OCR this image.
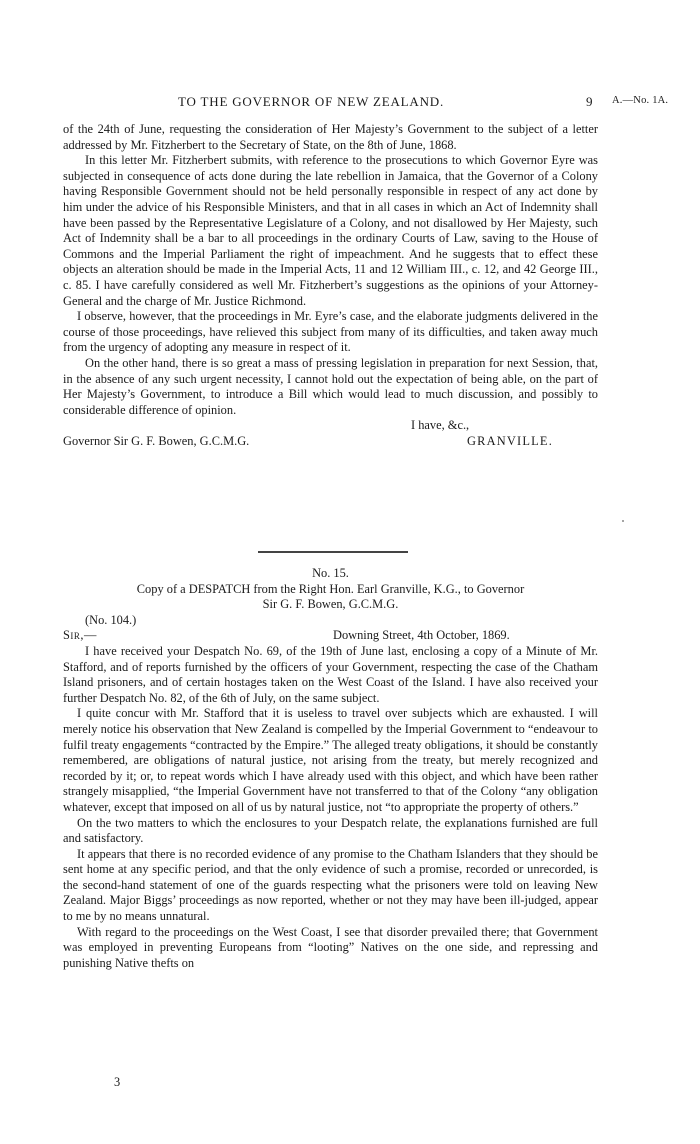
TO THE GOVERNOR OF NEW ZEALAND.	9 A.—No. 1A.

of the 24th of June, requesting the consideration of Her Majesty’s Government to the subject of a letter addressed by Mr. Fitzherbert to the Secretary of State, on the 8th of June, 1868.

In this letter Mr. Fitzherbert submits, with reference to the prosecutions to which Governor Eyre was subjected in consequence of acts done during the late rebellion in Jamaica, that the Governor of a Colony having Responsible Government should not be held personally responsible in respect of any act done by him under the advice of his Responsible Ministers, and that in all cases in which an Act of Indemnity shall have been passed by the Representative Legislature of a Colony, and not disallowed by Her Majesty, such Act of Indemnity shall be a bar to all proceedings in the ordinary Courts of Law, saving to the House of Commons and the Imperial Parliament the right of impeachment. And he suggests that to effect these objects an alteration should be made in the Imperial Acts, 11 and 12 William III., c. 12, and 42 George III., c. 85. I have carefully considered as well Mr. Fitzherbert’s suggestions as the opinions of your Attorney-General and the charge of Mr. Justice Richmond.

I observe, however, that the proceedings in Mr. Eyre’s case, and the elaborate judgments delivered in the course of those proceedings, have relieved this subject from many of its difficulties, and taken away much from the urgency of adopting any measure in respect of it.

On the other hand, there is so great a mass of pressing legislation in preparation for next Session, that, in the absence of any such urgent necessity, I cannot hold out the expectation of being able, on the part of Her Majesty’s Government, to introduce a Bill which would lead to much discussion, and possibly to considerable difference of opinion.

I have, &c.,
Governor Sir G. F. Bowen, G.C.M.G.	GRANVILLE.

No. 15.

Copy of a DESPATCH from the Right Hon. Earl Granville, K.G., to Governor

Sir G. F. Bowen, G.C.M.G.

(No. 104.)
Sir,—	Downing Street, 4th October, 1869.

I have received your Despatch No. 69, of the 19th of June last, enclosing a copy of a Minute of Mr. Stafford, and of reports furnished by the officers of your Government, respecting the case of the Chatham Island prisoners, and of certain hostages taken on the West Coast of the Island. I have also received your further Despatch No. 82, of the 6th of July, on the same subject.

I quite concur with Mr. Stafford that it is useless to travel over subjects which are exhausted. I will merely notice his observation that New Zealand is compelled by the Imperial Government to “endeavour to fulfil treaty engagements “contracted by the Empire.” The alleged treaty obligations, it should be constantly remembered, are obligations of natural justice, not arising from the treaty, but merely recognized and recorded by it; or, to repeat words which I have already used with this object, and which have been rather strangely misapplied, “the Imperial Government have not transferred to that of the Colony “any obligation whatever, except that imposed on all of us by natural justice, not “to appropriate the property of others.”

On the two matters to which the enclosures to your Despatch relate, the explanations furnished are full and satisfactory.

It appears that there is no recorded evidence of any promise to the Chatham Islanders that they should be sent home at any specific period, and that the only evidence of such a promise, recorded or unrecorded, is the second-hand statement of one of the guards respecting what the prisoners were told on leaving New Zealand. Major Biggs’ proceedings as now reported, whether or not they may have been ill-judged, appear to me by no means unnatural.

With regard to the proceedings on the West Coast, I see that disorder prevailed there; that Government was employed in preventing Europeans from “looting” Natives on the one side, and repressing and punishing Native thefts on

3
